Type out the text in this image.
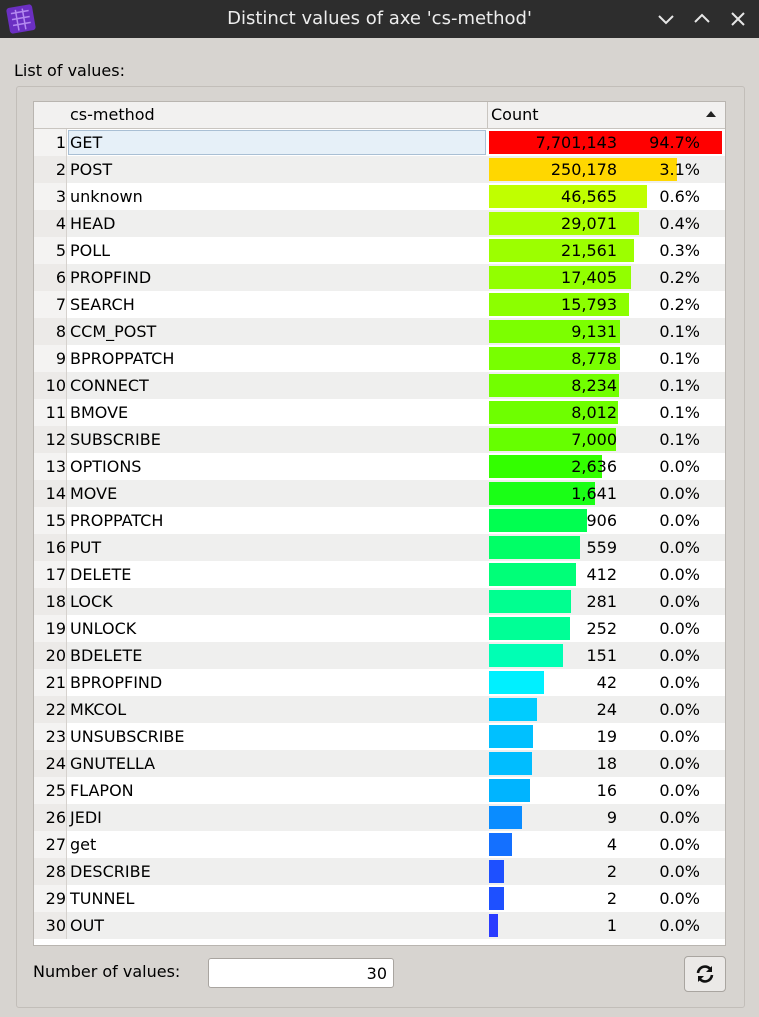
Distinct values of axe 'cs-method'
List of values:
cs-method	Count
1 GET	7,701,143	94.7%
2 POST	250,178	3.1%
3 unknown	46,565	0.6%
4 HEAD	29,071	0.4%
5 POLL	21,561	0.3%
6 PROPFIND	17,405	0.2%
7 SEARCH	15,793	0.2%
8 CCM_POST	9,131	0.1%
9 BPROPPATCH	8,778	0.1%
10 CONNECT	8,234	0.1%
11 BMOVE	8,012	0.1%
12 SUBSCRIBE	7,000	0.1%
13 OPTIONS	2,636	0.0%
14 MOVE	1,641	0.0%
15 PROPPATCH	906	0.0%
16 PUT	559	0.0%
17 DELETE	412	0.0%
18 LOCK	281	0.0%
19 UNLOCK	252	0.0%
20 BDELETE	151	0.0%
21 BPROPFIND	42	0.0%
22 MKCOL	24	0.0%
23 UNSUBSCRIBE	19	0.0%
24 GNUTELLA	18	0.0%
25 FLAPON	16	0.0%
26 JEDI	9	0.0%
27 get	4	0.0%
28 DESCRIBE	2	0.0%
29 TUNNEL	2	0.0%
30 OUT	1	0.0%
Number of values:
30
